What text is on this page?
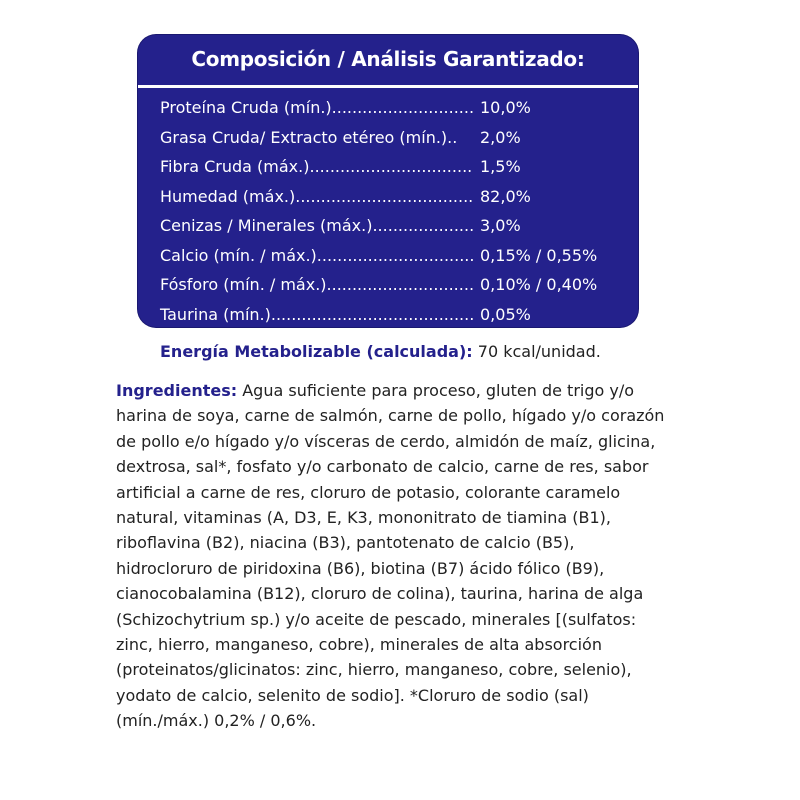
Composición / Análisis Garantizado:
Proteína Cruda (mín.) ............................ 10,0%
Grasa Cruda/ Extracto etéreo (mín.) .. 2,0%
Fibra Cruda (máx.) ................................ 1,5%
Humedad (máx.) ................................... 82,0%
Cenizas / Minerales (máx.) .................... 3,0%
Calcio (mín. / máx.) ............................... 0,15% / 0,55%
Fósforo (mín. / máx.) ............................. 0,10% / 0,40%
Taurina (mín.) ........................................ 0,05%
Energía Metabolizable (calculada): 70 kcal/unidad.
Ingredientes: Agua suficiente para proceso, gluten de trigo y/o
harina de soya, carne de salmón, carne de pollo, hígado y/o corazón
de pollo e/o hígado y/o vísceras de cerdo, almidón de maíz, glicina,
dextrosa, sal*, fosfato y/o carbonato de calcio, carne de res, sabor
artificial a carne de res, cloruro de potasio, colorante caramelo
natural, vitaminas (A, D3, E, K3, mononitrato de tiamina (B1),
riboflavina (B2), niacina (B3), pantotenato de calcio (B5),
hidrocloruro de piridoxina (B6), biotina (B7) ácido fólico (B9),
cianocobalamina (B12), cloruro de colina), taurina, harina de alga
(Schizochytrium sp.) y/o aceite de pescado, minerales [(sulfatos:
zinc, hierro, manganeso, cobre), minerales de alta absorción
(proteinatos/glicinatos: zinc, hierro, manganeso, cobre, selenio),
yodato de calcio, selenito de sodio]. *Cloruro de sodio (sal)
(mín./máx.) 0,2% / 0,6%.
